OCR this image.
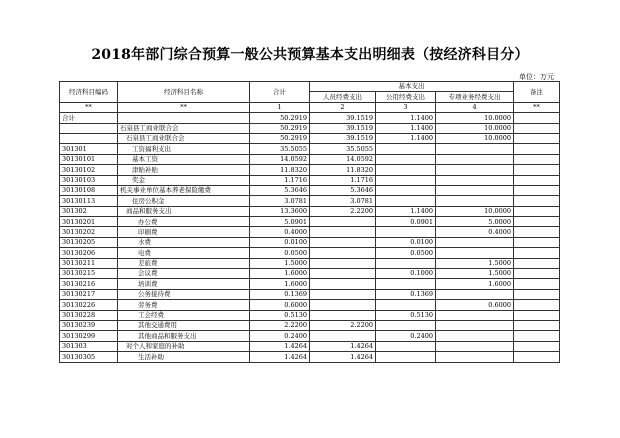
2018年部门综合预算一般公共预算基本支出明细表（按经济科目分）
单位：万元
经济科目编码	经济科目名称	合计	基本支出			备注
			人员经费支出	公用经费支出	专项业务经费支出	
**	**	1	2	3	4	**
合计		50.2919	39.1519	1.1400	10.0000	
	石泉县工商业联合会	50.2919	39.1519	1.1400	10.0000	
	石泉县工商业联合会	50.2919	39.1519	1.1400	10.0000	
301301	工资福利支出	35.5055	35.5055			
30130101	基本工资	14.0592	14.0592			
30130102	津贴补贴	11.8320	11.8320			
30130103	奖金	1.1716	1.1716			
30130108	机关事业单位基本养老保险缴费	5.3646	5.3646			
30130113	住房公积金	3.0781	3.0781			
301302	商品和服务支出	13.3600	2.2200	1.1400	10.0000	
30130201	办公费	5.0901		0.0901	5.0000	
30130202	印刷费	0.4000			0.4000	
30130205	水费	0.0100		0.0100		
30130206	电费	0.0500		0.0500		
30130211	差旅费	1.5000			1.5000	
30130215	会议费	1.6000		0.1000	1.5000	
30130216	培训费	1.6000			1.6000	
30130217	公务接待费	0.1369		0.1369		
30130226	劳务费	0.6000			0.6000	
30130228	工会经费	0.5130		0.5130		
30130239	其他交通费用	2.2200	2.2200			
30130299	其他商品和服务支出	0.2400		0.2400		
301303	对个人和家庭的补助	1.4264	1.4264			
30130305	生活补助	1.4264	1.4264			
